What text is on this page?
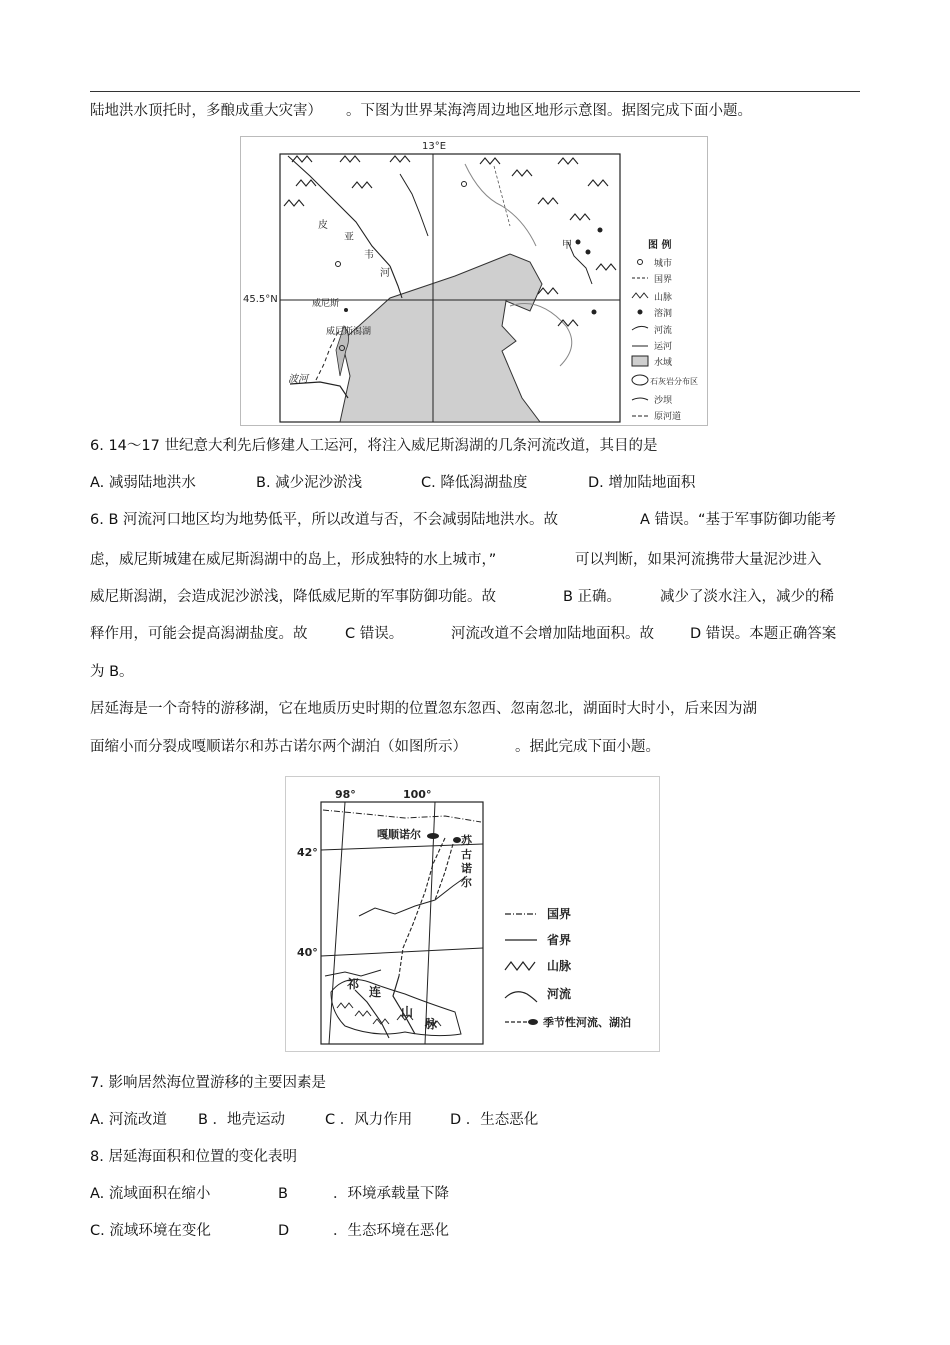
陆地洪水顶托时，多酿成重大灾害） 。下图为世界某海湾周边地区地形示意图。据图完成下面小题。
13°E
45.5°N
皮
亚
韦
河
威尼斯
威尼斯潟湖
波河
甲	图 例
城市
国界
山脉
溶洞
河流
运河
水域
石灰岩分布区
沙坝
原河道
6. 14～17 世纪意大利先后修建人工运河，将注入威尼斯潟湖的几条河流改道，其目的是
A. 减弱陆地洪水	B. 减少泥沙淤浅	C. 降低潟湖盐度	D. 增加陆地面积
6. B 河流河口地区均为地势低平，所以改道与否，不会减弱陆地洪水。故	A 错误。“基于军事防御功能考
虑，威尼斯城建在威尼斯潟湖中的岛上，形成独特的水上城市，”	可以判断，如果河流携带大量泥沙进入
威尼斯潟湖，会造成泥沙淤浅，降低威尼斯的军事防御功能。故	B 正确。	减少了淡水注入，减少的稀
释作用，可能会提高潟湖盐度。故	C 错误。	河流改道不会增加陆地面积。故 D 错误。本题正确答案
为 B。
居延海是一个奇特的游移湖，它在地质历史时期的位置忽东忽西、忽南忽北，湖面时大时小，后来因为湖
面缩小而分裂成嘎顺诺尔和苏古诺尔两个湖泊（如图所示）	。据此完成下面小题。
98°	100°
42°
40°
嘎顺诺尔	苏
古
诺
尔
祁
连
山
脉
国界
省界
山脉
河流
季节性河流、湖泊
7. 影响居然海位置游移的主要因素是
A. 河流改道 B ．地壳运动	C ．风力作用	D ．生态恶化
8. 居延海面积和位置的变化表明
A. 流域面积在缩小	B	．环境承载量下降
C. 流域环境在变化	D	．生态环境在恶化
